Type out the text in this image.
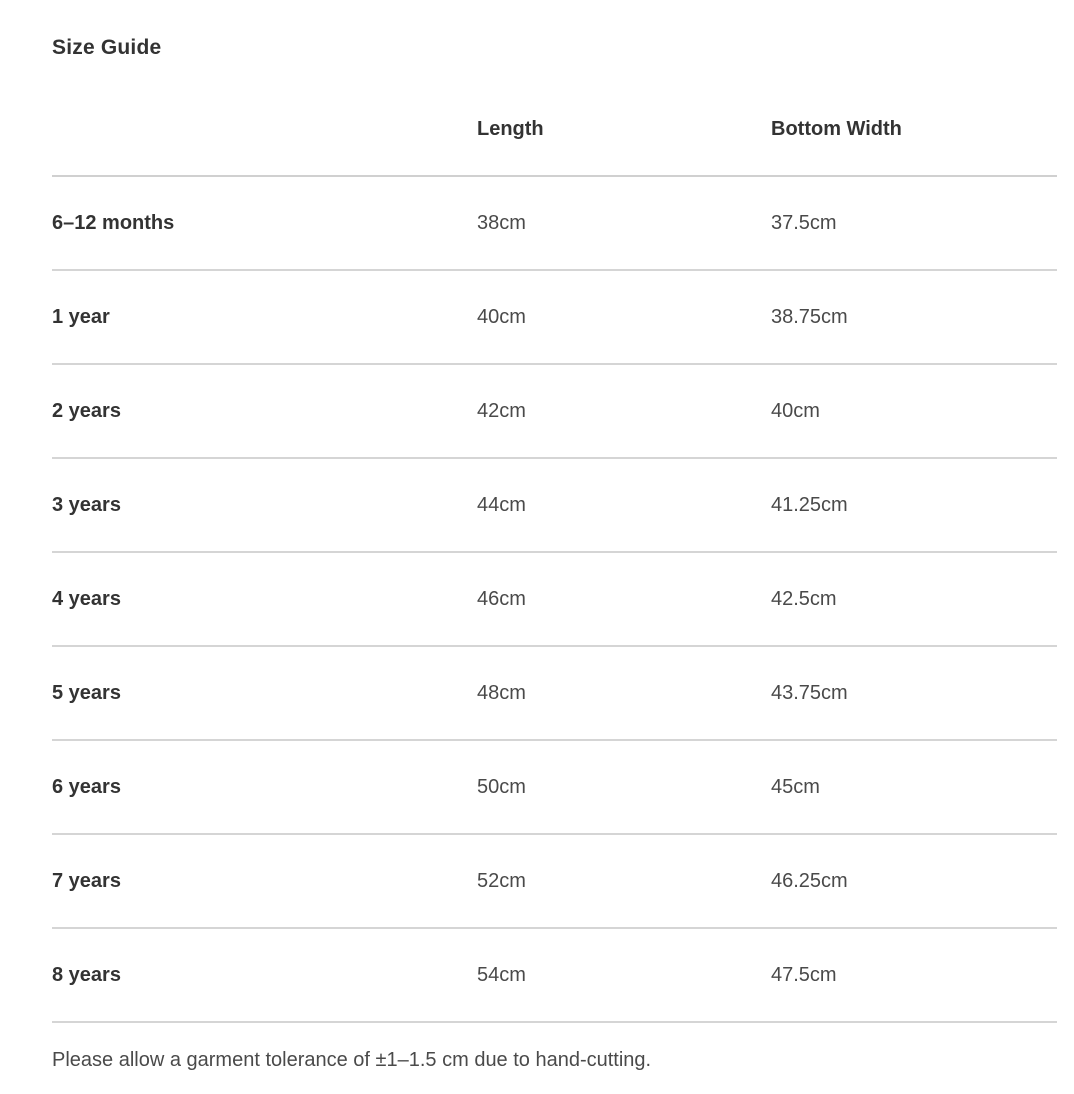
Size Guide
	Length	Bottom Width
6–12 months	38cm	37.5cm
1 year	40cm	38.75cm
2 years	42cm	40cm
3 years	44cm	41.25cm
4 years	46cm	42.5cm
5 years	48cm	43.75cm
6 years	50cm	45cm
7 years	52cm	46.25cm
8 years	54cm	47.5cm
Please allow a garment tolerance of ±1–1.5 cm due to hand-cutting.
